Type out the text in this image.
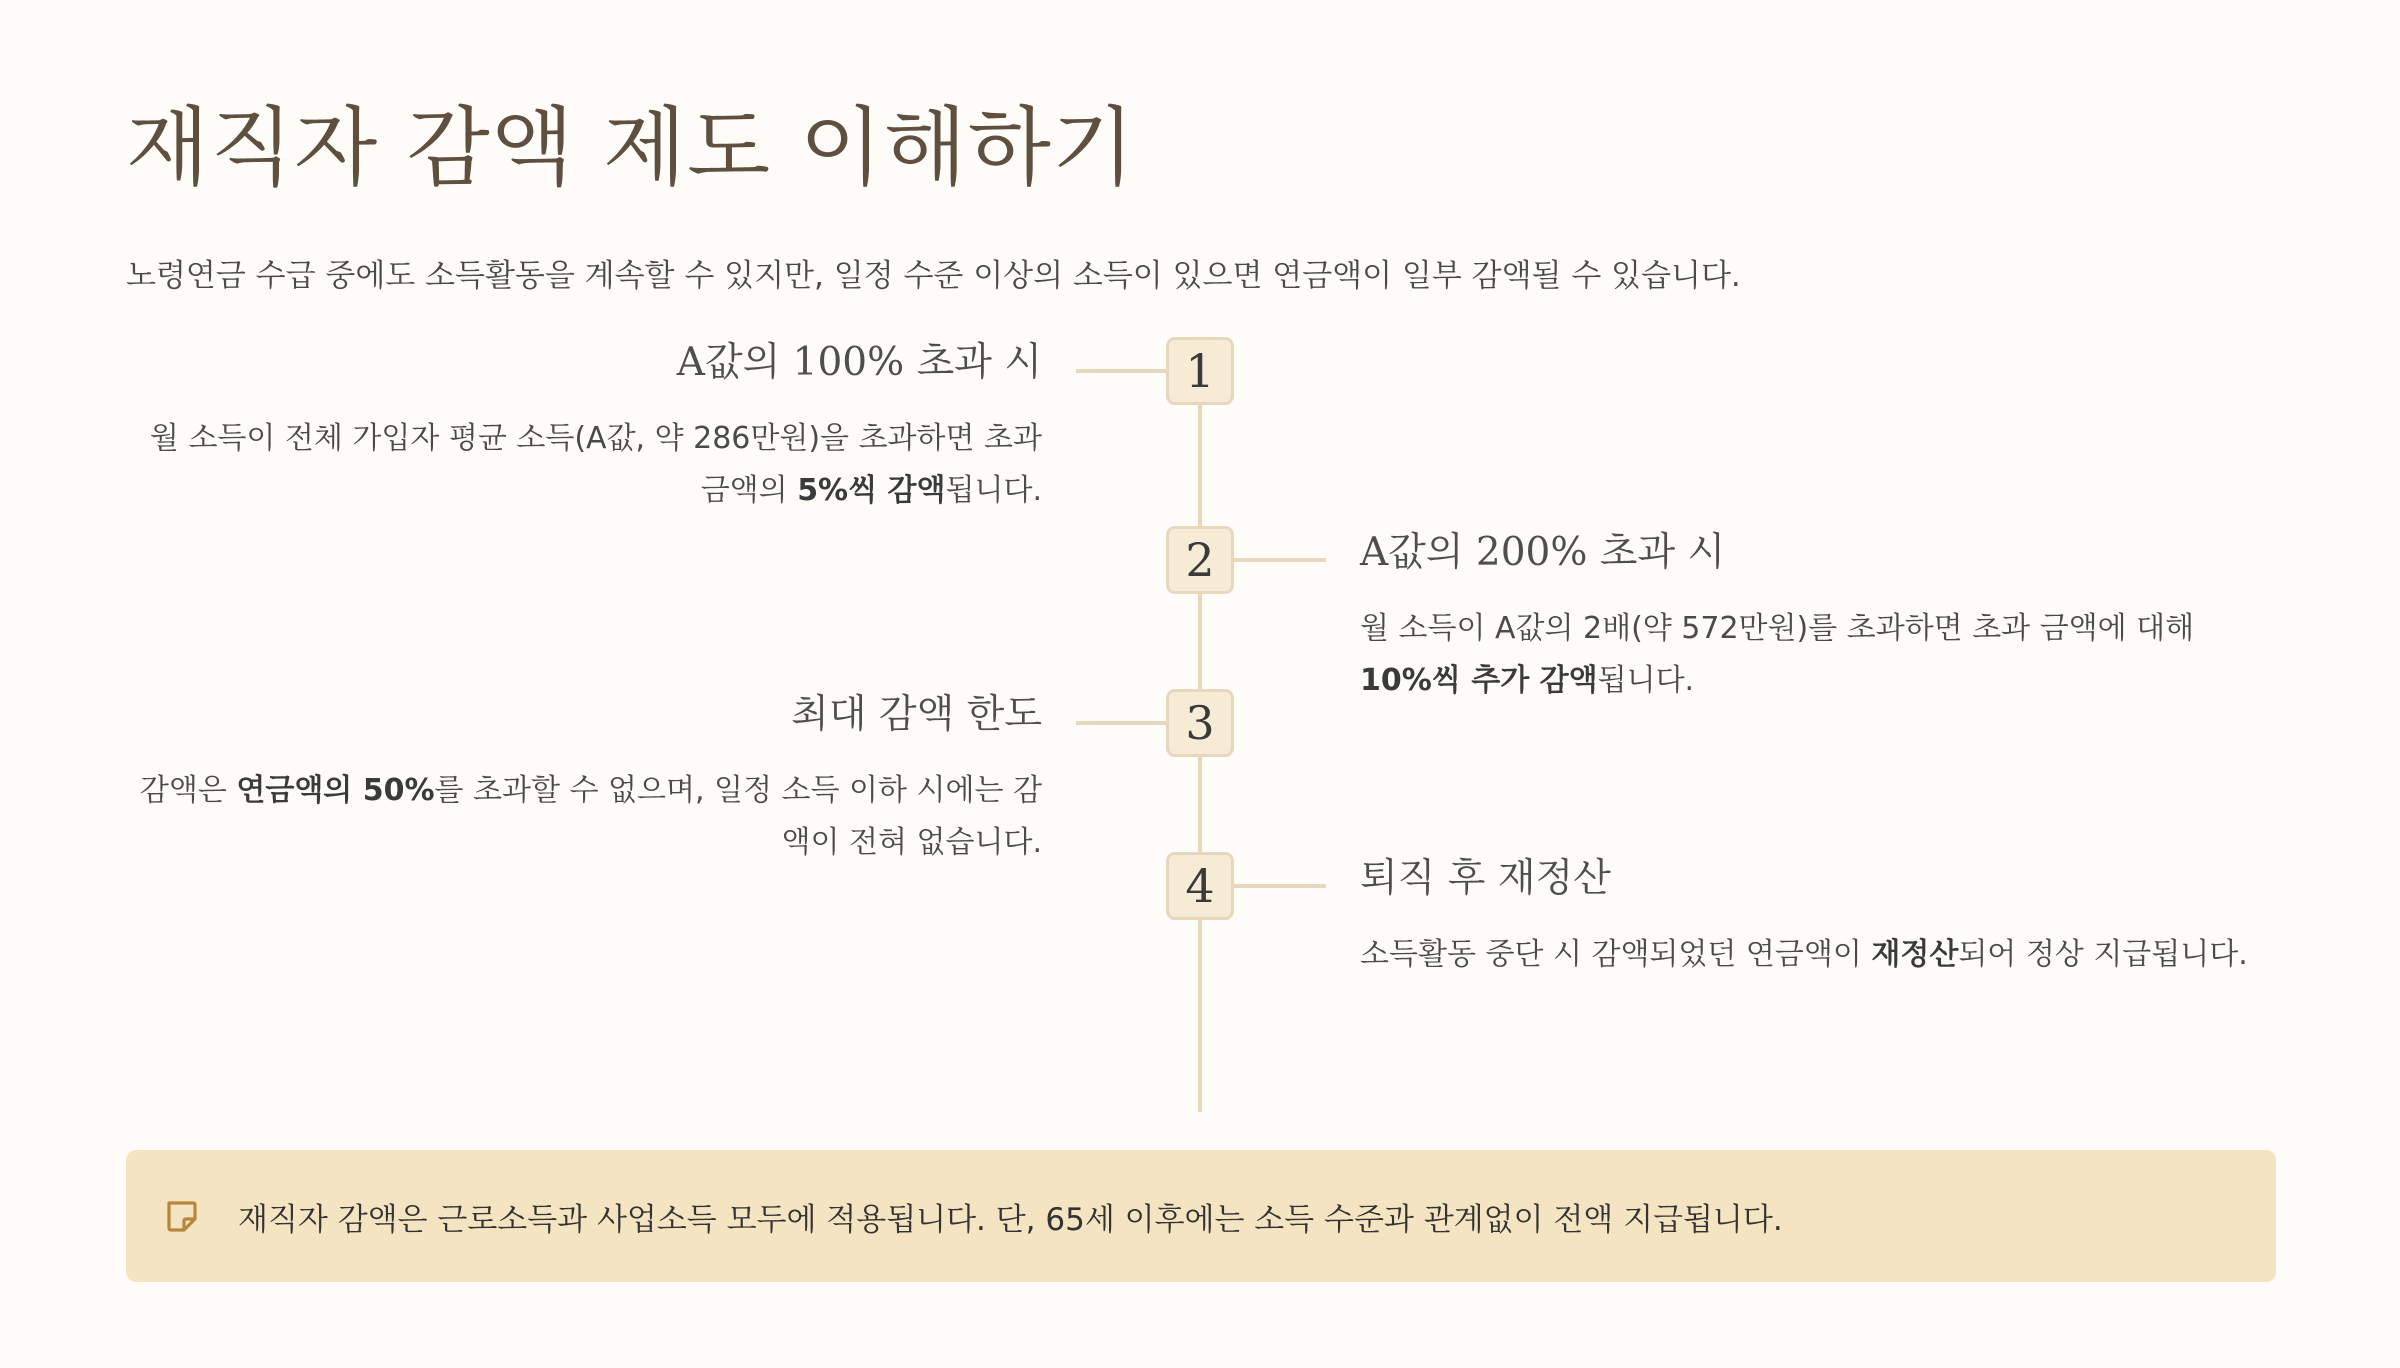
재직자 감액 제도 이해하기
노령연금 수급 중에도 소득활동을 계속할 수 있지만, 일정 수준 이상의 소득이 있으면 연금액이 일부 감액될 수 있습니다.
1
A값의 100% 초과 시
월 소득이 전체 가입자 평균 소득(A값, 약 286만원)을 초과하면 초과 금액의 5%씩 감액됩니다.
2	A값의 200% 초과 시
월 소득이 A값의 2배(약 572만원)를 초과하면 초과 금액에 대해 10%씩 추가 감액됩니다.
3
최대 감액 한도
감액은 연금액의 50%를 초과할 수 없으며, 일정 소득 이하 시에는 감액이 전혀 없습니다.
4	퇴직 후 재정산
소득활동 중단 시 감액되었던 연금액이 재정산되어 정상 지급됩니다.
재직자 감액은 근로소득과 사업소득 모두에 적용됩니다. 단, 65세 이후에는 소득 수준과 관계없이 전액 지급됩니다.
